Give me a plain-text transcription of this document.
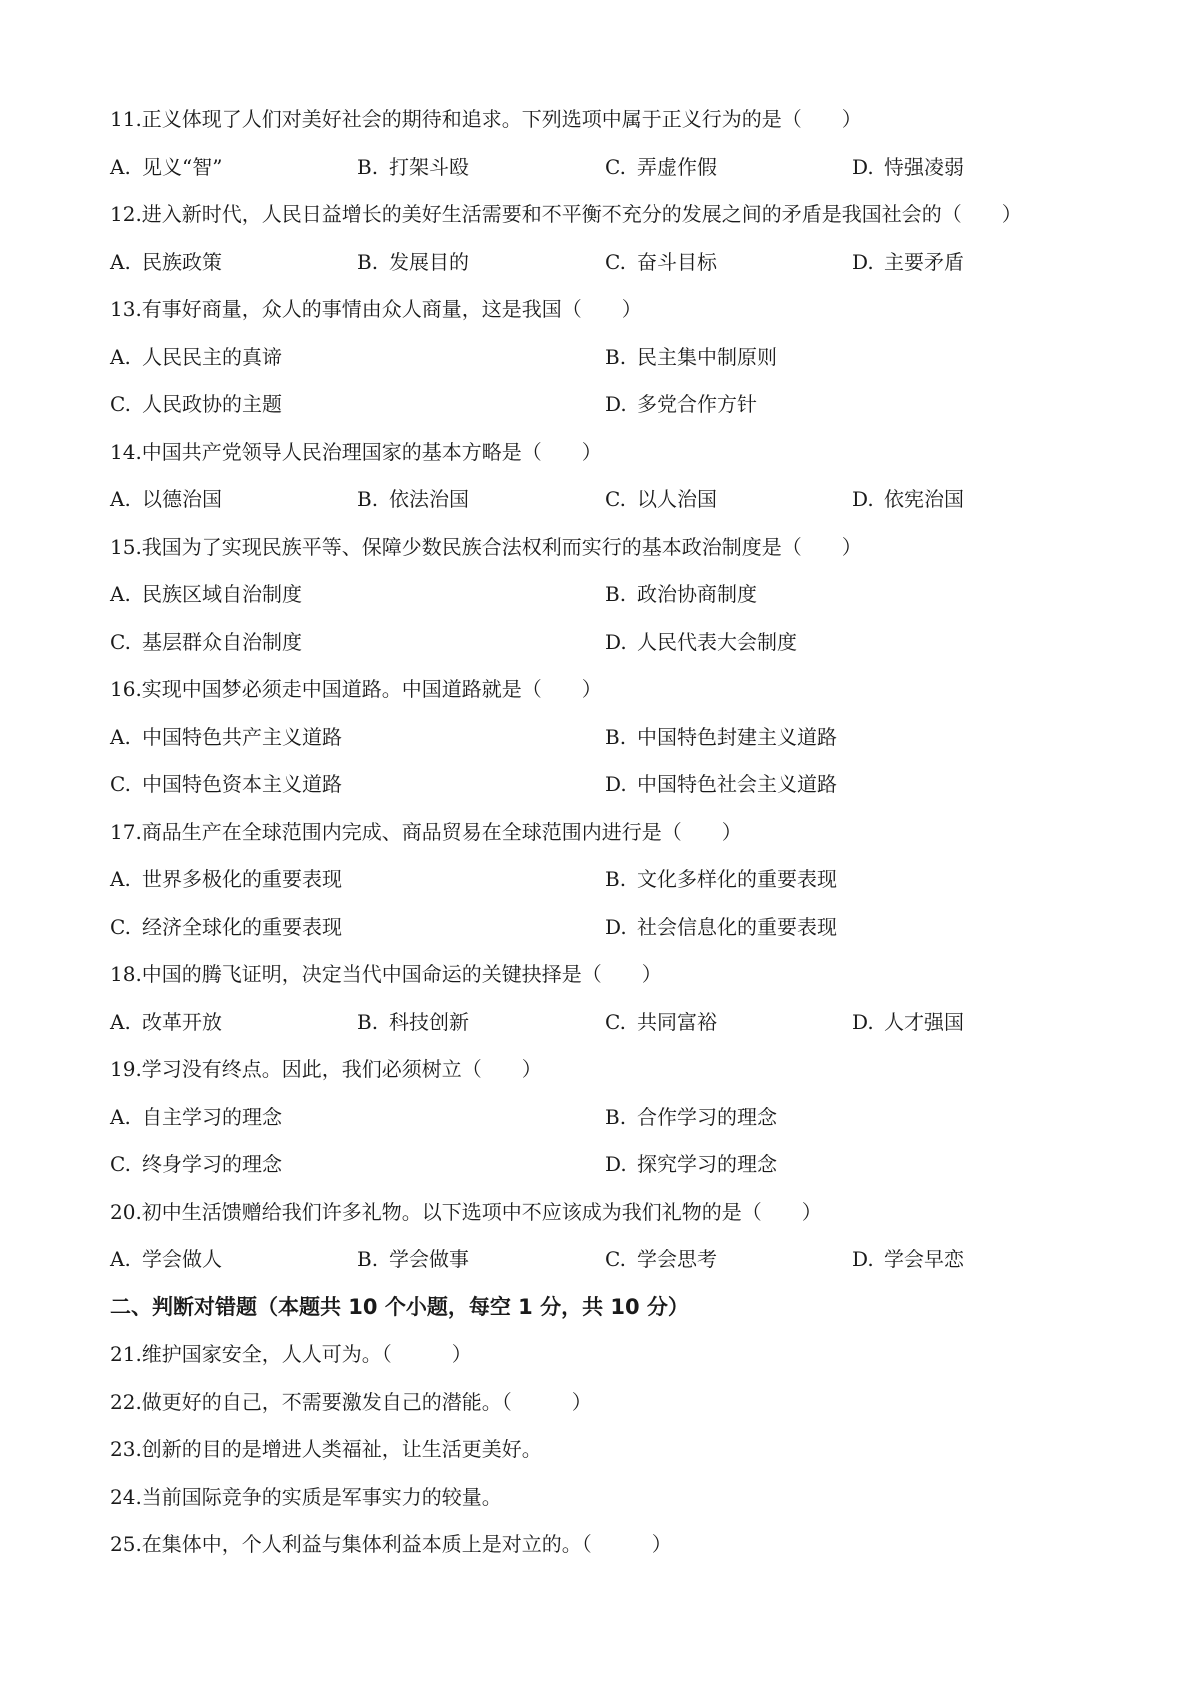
11.正义体现了人们对美好社会的期待和追求。下列选项中属于正义行为的是（　　）
A. 见义“智”	B. 打架斗殴	C. 弄虚作假	D. 恃强凌弱
12.进入新时代，人民日益增长的美好生活需要和不平衡不充分的发展之间的矛盾是我国社会的（　　）
A. 民族政策	B. 发展目的	C. 奋斗目标	D. 主要矛盾
13.有事好商量，众人的事情由众人商量，这是我国（　　）
A. 人民民主的真谛	B. 民主集中制原则
C. 人民政协的主题	D. 多党合作方针
14.中国共产党领导人民治理国家的基本方略是（　　）
A. 以德治国	B. 依法治国	C. 以人治国	D. 依宪治国
15.我国为了实现民族平等、保障少数民族合法权利而实行的基本政治制度是（　　）
A. 民族区域自治制度	B. 政治协商制度
C. 基层群众自治制度	D. 人民代表大会制度
16.实现中国梦必须走中国道路。中国道路就是（　　）
A. 中国特色共产主义道路	B. 中国特色封建主义道路
C. 中国特色资本主义道路	D. 中国特色社会主义道路
17.商品生产在全球范围内完成、商品贸易在全球范围内进行是（　　）
A. 世界多极化的重要表现	B. 文化多样化的重要表现
C. 经济全球化的重要表现	D. 社会信息化的重要表现
18.中国的腾飞证明，决定当代中国命运的关键抉择是（　　）
A. 改革开放	B. 科技创新	C. 共同富裕	D. 人才强国
19.学习没有终点。因此，我们必须树立（　　）
A. 自主学习的理念	B. 合作学习的理念
C. 终身学习的理念	D. 探究学习的理念
20.初中生活馈赠给我们许多礼物。以下选项中不应该成为我们礼物的是（　　）
A. 学会做人	B. 学会做事	C. 学会思考	D. 学会早恋
二、判断对错题（本题共 10 个小题，每空 1 分，共 10 分）
21.维护国家安全，人人可为。（　　　）
22.做更好的自己，不需要激发自己的潜能。（　　　）
23.创新的目的是增进人类福祉，让生活更美好。
24.当前国际竞争的实质是军事实力的较量。
25.在集体中，个人利益与集体利益本质上是对立的。（　　　）
